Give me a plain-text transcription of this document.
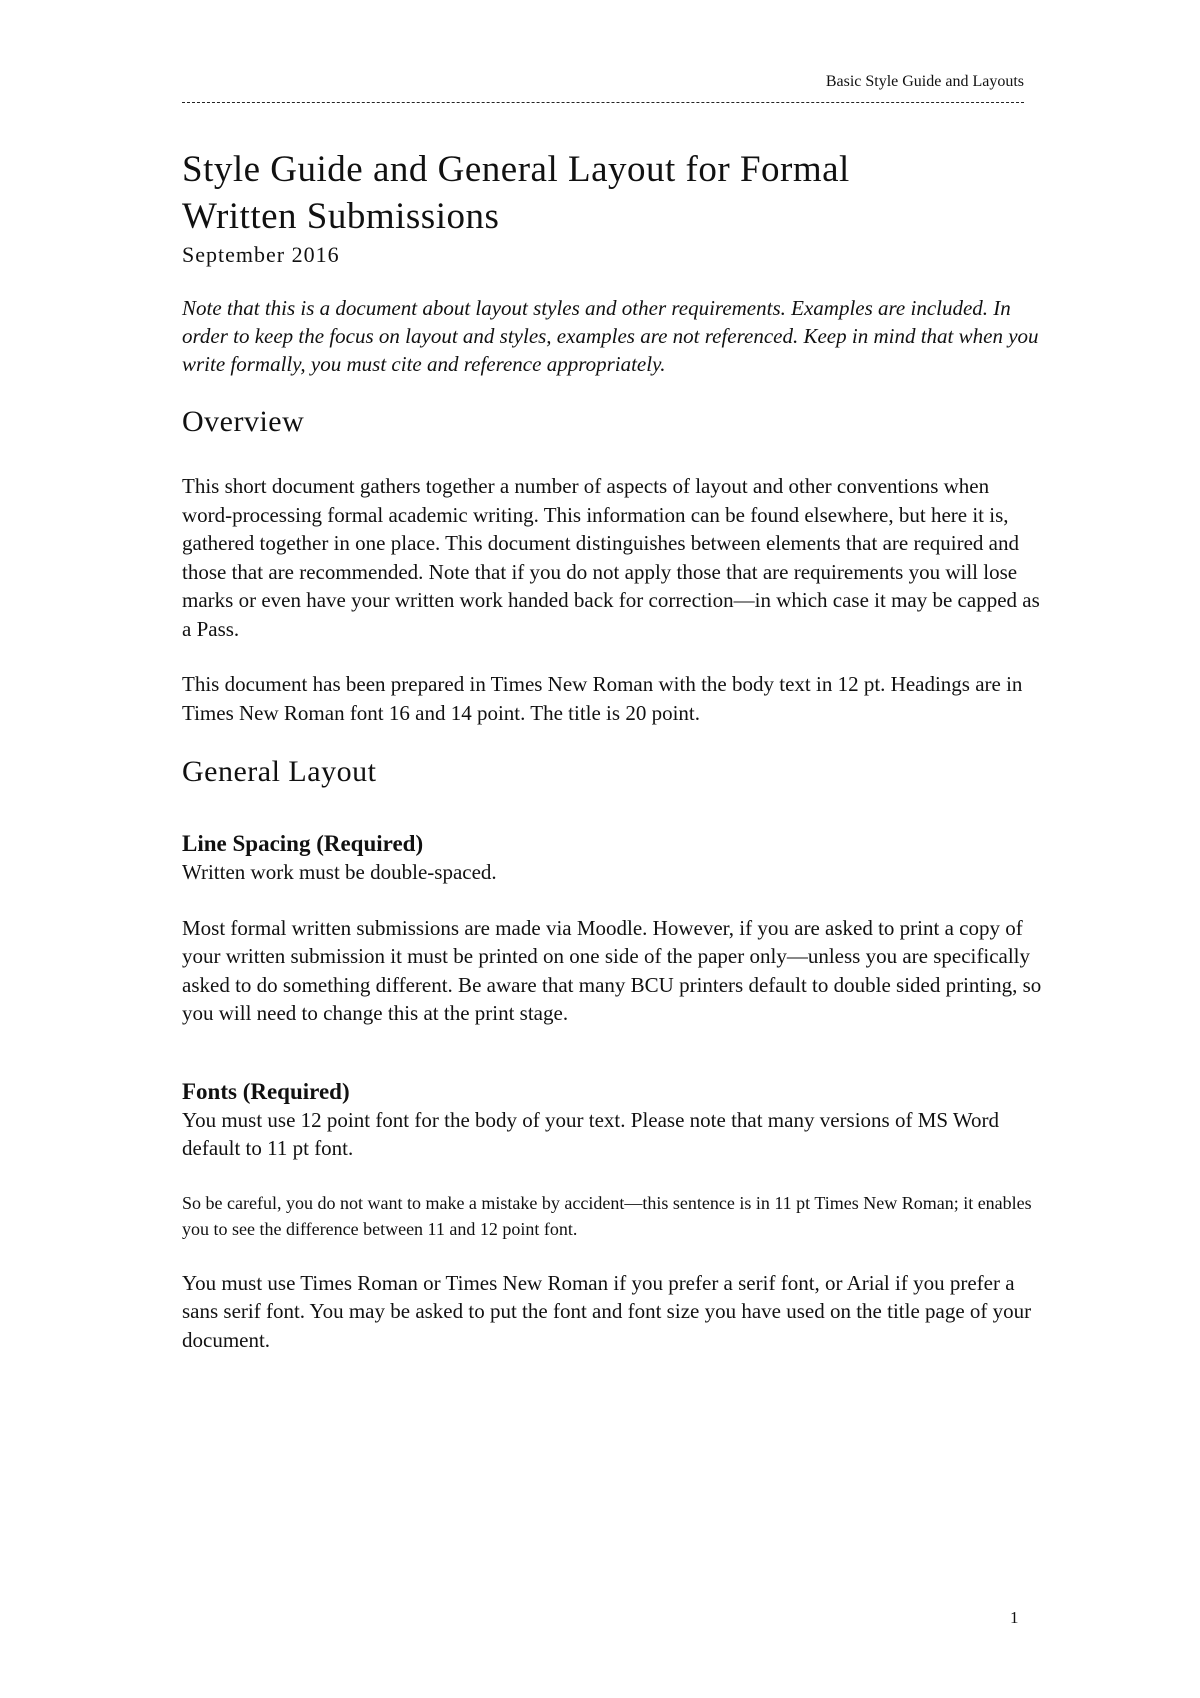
Basic Style Guide and Layouts
Style Guide and General Layout for Formal
Written Submissions
September 2016

Note that this is a document about layout styles and other requirements. Examples are included. In order to keep the focus on layout and styles, examples are not referenced. Keep in mind that when you write formally, you must cite and reference appropriately.

Overview

This short document gathers together a number of aspects of layout and other conventions when word-processing formal academic writing. This information can be found elsewhere, but here it is, gathered together in one place. This document distinguishes between elements that are required and those that are recommended. Note that if you do not apply those that are requirements you will lose marks or even have your written work handed back for correction—in which case it may be capped as a Pass.

This document has been prepared in Times New Roman with the body text in 12 pt. Headings are in Times New Roman font 16 and 14 point. The title is 20 point.

General Layout
Line Spacing (Required)

Written work must be double-spaced.

Most formal written submissions are made via Moodle. However, if you are asked to print a copy of your written submission it must be printed on one side of the paper only—unless you are specifically asked to do something different. Be aware that many BCU printers default to double sided printing, so you will need to change this at the print stage.

Fonts (Required)

You must use 12 point font for the body of your text. Please note that many versions of MS Word default to 11 pt font.

So be careful, you do not want to make a mistake by accident—this sentence is in 11 pt Times New Roman; it enables you to see the difference between 11 and 12 point font.

You must use Times Roman or Times New Roman if you prefer a serif font, or Arial if you prefer a sans serif font. You may be asked to put the font and font size you have used on the title page of your document.

1
